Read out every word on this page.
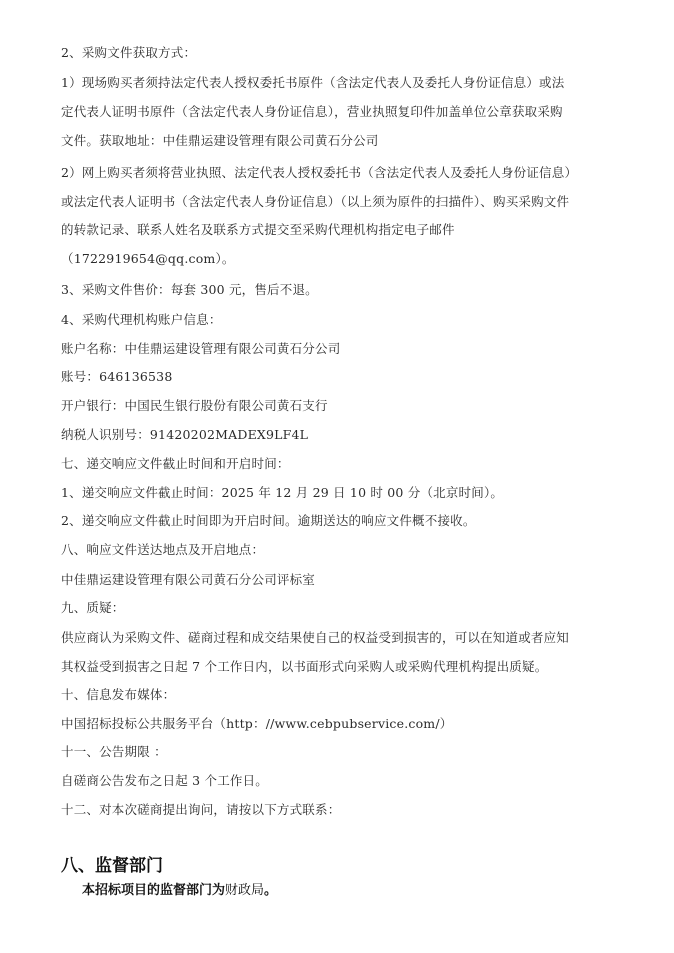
2、采购文件获取方式：
1）现场购买者须持法定代表人授权委托书原件（含法定代表人及委托人身份证信息）或法
定代表人证明书原件（含法定代表人身份证信息），营业执照复印件加盖单位公章获取采购
文件。获取地址：中佳鼎运建设管理有限公司黄石分公司
2）网上购买者须将营业执照、法定代表人授权委托书（含法定代表人及委托人身份证信息）
或法定代表人证明书（含法定代表人身份证信息）（以上须为原件的扫描件）、购买采购文件
的转款记录、联系人姓名及联系方式提交至采购代理机构指定电子邮件
（1722919654@qq.com）。
3、采购文件售价：每套 300 元，售后不退。
4、采购代理机构账户信息：
账户名称：中佳鼎运建设管理有限公司黄石分公司
账号：646136538
开户银行：中国民生银行股份有限公司黄石支行
纳税人识别号：91420202MADEX9LF4L
七、递交响应文件截止时间和开启时间：
1、递交响应文件截止时间：2025 年 12 月 29 日 10 时 00 分（北京时间）。
2、递交响应文件截止时间即为开启时间。逾期送达的响应文件概不接收。
八、响应文件送达地点及开启地点：
中佳鼎运建设管理有限公司黄石分公司评标室
九、质疑：
供应商认为采购文件、磋商过程和成交结果使自己的权益受到损害的，可以在知道或者应知
其权益受到损害之日起 7 个工作日内，以书面形式向采购人或采购代理机构提出质疑。
十、信息发布媒体：
中国招标投标公共服务平台（http：//www.cebpubservice.com/）
十一、公告期限 ：
自磋商公告发布之日起 3 个工作日。
十二、对本次磋商提出询问，请按以下方式联系：
八、监督部门
本招标项目的监督部门为财政局。
